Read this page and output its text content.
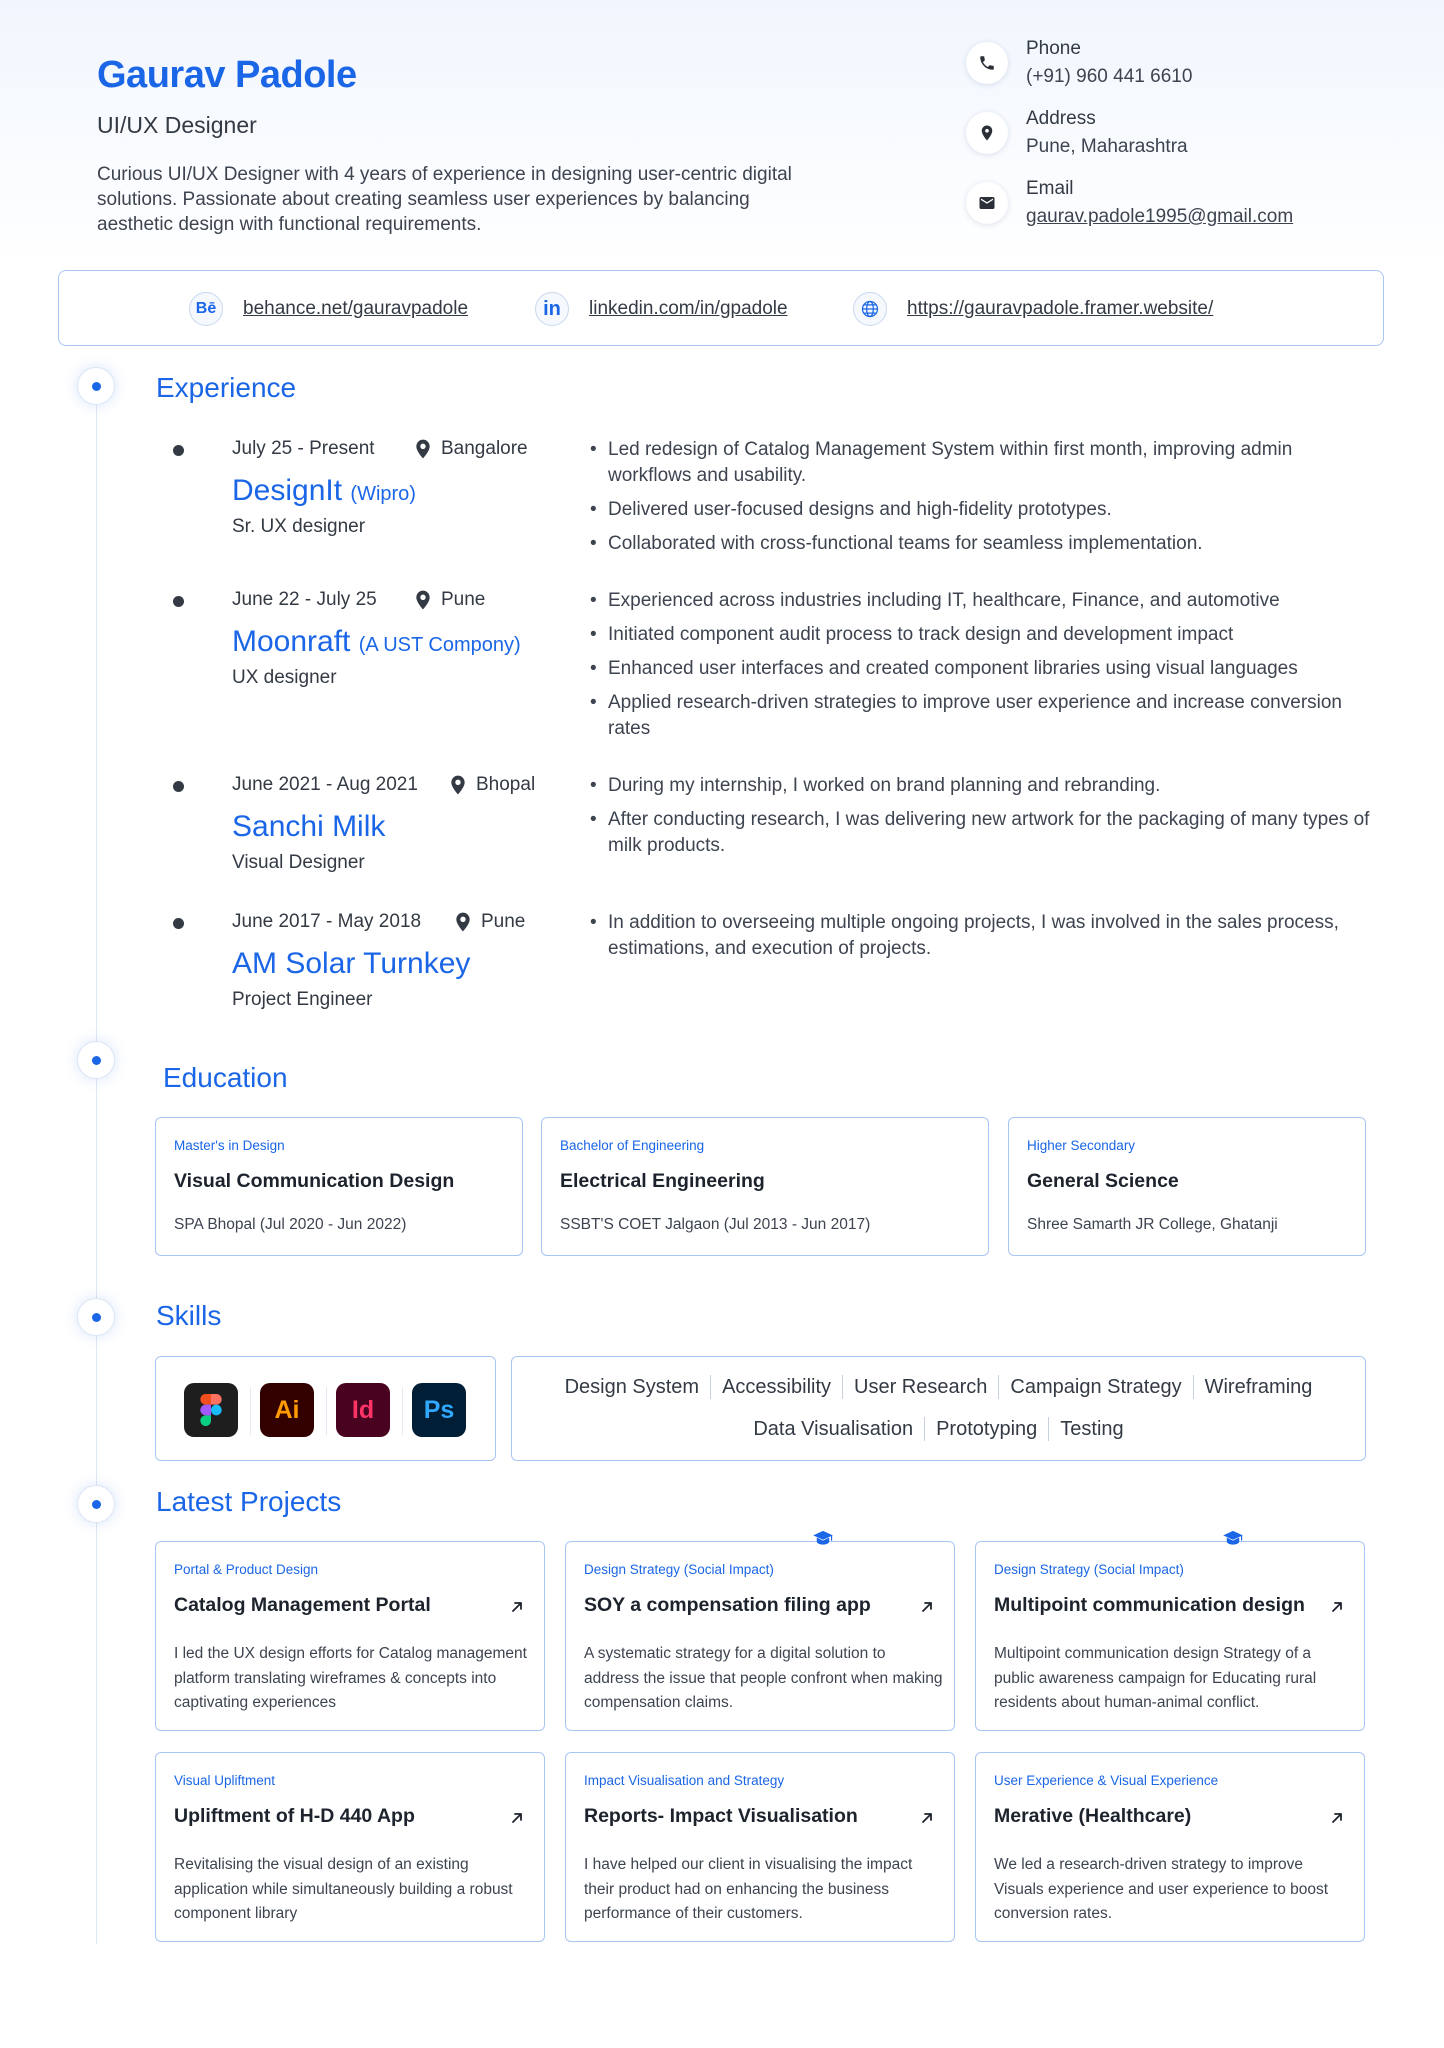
Gaurav Padole
UI/UX Designer
Curious UI/UX Designer with 4 years of experience in designing user-centric digital solutions. Passionate about creating seamless user experiences by balancing aesthetic design with functional requirements.
Phone
(+91) 960 441 6610
Address
Pune, Maharashtra
Email
gaurav.padole1995@gmail.com
Bē	behance.net/gauravpadole	in	linkedin.com/in/gpadole	https://gauravpadole.framer.website/
Experience
July 25 - Present	Bangalore
DesignIt (Wipro)
Sr. UX designer
• Led redesign of Catalog Management System within first month, improving admin workflows and usability.
• Delivered user-focused designs and high-fidelity prototypes.
• Collaborated with cross-functional teams for seamless implementation.
June 22 - July 25	Pune
Moonraft (A UST Compony)
UX designer
• Experienced across industries including IT, healthcare, Finance, and automotive
• Initiated component audit process to track design and development impact
• Enhanced user interfaces and created component libraries using visual languages
• Applied research-driven strategies to improve user experience and increase conversion rates
June 2021 - Aug 2021	Bhopal
Sanchi Milk
Visual Designer
• During my internship, I worked on brand planning and rebranding.
• After conducting research, I was delivering new artwork for the packaging of many types of milk products.
June 2017 - May 2018	Pune
AM Solar Turnkey
Project Engineer
• In addition to overseeing multiple ongoing projects, I was involved in the sales process, estimations, and execution of projects.
Education
Master's in Design
Visual Communication Design
SPA Bhopal (Jul 2020 - Jun 2022)
Bachelor of Engineering
Electrical Engineering
SSBT'S COET Jalgaon (Jul 2013 - Jun 2017)
Higher Secondary
General Science
Shree Samarth JR College, Ghatanji
Skills
Ai	Id	Ps
Design System Accessibility User Research Campaign Strategy Wireframing
Data Visualisation Prototyping Testing
Latest Projects
Portal & Product Design
Catalog Management Portal
I led the UX design efforts for Catalog management platform translating wireframes & concepts into captivating experiences
Design Strategy (Social Impact)
SOY a compensation filing app
A systematic strategy for a digital solution to address the issue that people confront when making compensation claims.
Design Strategy (Social Impact)
Multipoint communication design
Multipoint communication design Strategy of a public awareness campaign for Educating rural residents about human-animal conflict.
Visual Upliftment
Upliftment of H-D 440 App
Revitalising the visual design of an existing application while simultaneously building a robust component library
Impact Visualisation and Strategy
Reports- Impact Visualisation
I have helped our client in visualising the impact their product had on enhancing the business performance of their customers.
User Experience & Visual Experience
Merative (Healthcare)
We led a research-driven strategy to improve Visuals experience and user experience to boost conversion rates.
